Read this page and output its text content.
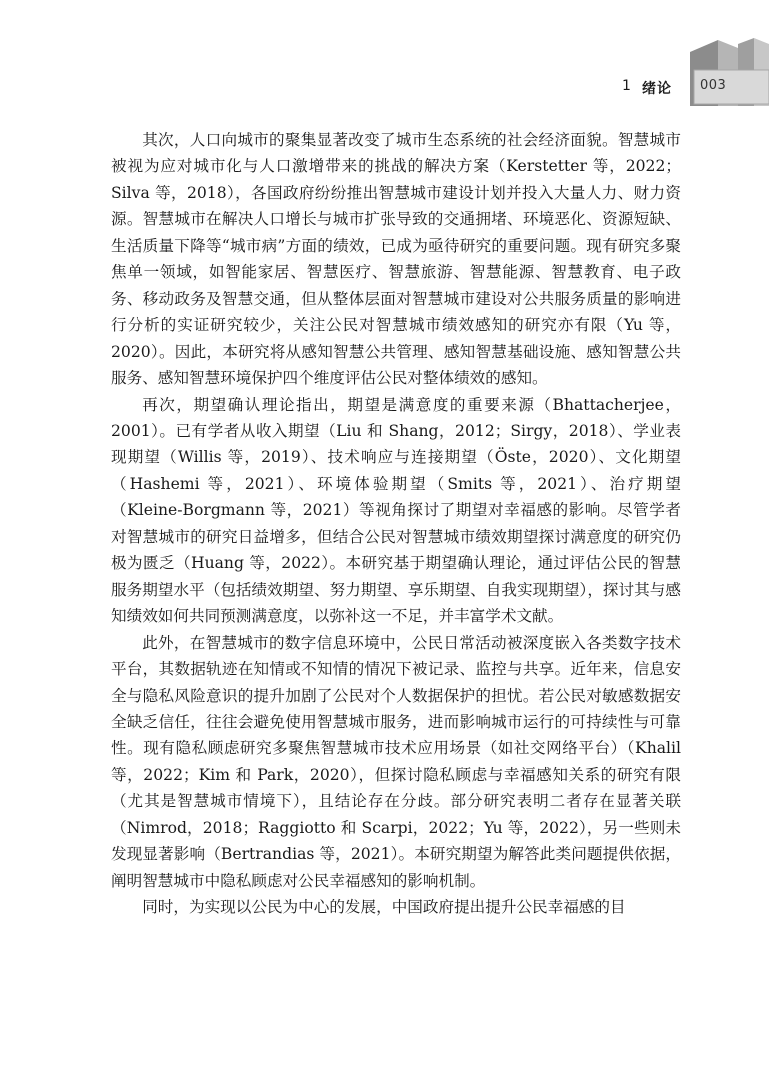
1 绪论 003

其次，人口向城市的聚集显著改变了城市生态系统的社会经济面貌。智慧城市被视为应对城市化与人口激增带来的挑战的解决方案（Kerstetter 等，2022；Silva 等，2018），各国政府纷纷推出智慧城市建设计划并投入大量人力、财力资源。智慧城市在解决人口增长与城市扩张导致的交通拥堵、环境恶化、资源短缺、生活质量下降等“城市病”方面的绩效，已成为亟待研究的重要问题。现有研究多聚焦单一领域，如智能家居、智慧医疗、智慧旅游、智慧能源、智慧教育、电子政务、移动政务及智慧交通，但从整体层面对智慧城市建设对公共服务质量的影响进行分析的实证研究较少，关注公民对智慧城市绩效感知的研究亦有限（Yu 等，2020）。因此，本研究将从感知智慧公共管理、感知智慧基础设施、感知智慧公共服务、感知智慧环境保护四个维度评估公民对整体绩效的感知。

再次，期望确认理论指出，期望是满意度的重要来源（Bhattacherjee，2001）。已有学者从收入期望（Liu 和 Shang，2012；Sirgy，2018）、学业表现期望（Willis 等，2019）、技术响应与连接期望（Öste，2020）、文化期望（Hashemi 等，2021）、环境体验期望（Smits 等，2021）、治疗期望（Kleine-Borgmann 等，2021）等视角探讨了期望对幸福感的影响。尽管学者对智慧城市的研究日益增多，但结合公民对智慧城市绩效期望探讨满意度的研究仍极为匮乏（Huang 等，2022）。本研究基于期望确认理论，通过评估公民的智慧服务期望水平（包括绩效期望、努力期望、享乐期望、自我实现期望），探讨其与感知绩效如何共同预测满意度，以弥补这一不足，并丰富学术文献。

此外，在智慧城市的数字信息环境中，公民日常活动被深度嵌入各类数字技术平台，其数据轨迹在知情或不知情的情况下被记录、监控与共享。近年来，信息安全与隐私风险意识的提升加剧了公民对个人数据保护的担忧。若公民对敏感数据安全缺乏信任，往往会避免使用智慧城市服务，进而影响城市运行的可持续性与可靠性。现有隐私顾虑研究多聚焦智慧城市技术应用场景（如社交网络平台）（Khalil 等，2022；Kim 和 Park，2020），但探讨隐私顾虑与幸福感知关系的研究有限（尤其是智慧城市情境下），且结论存在分歧。部分研究表明二者存在显著关联（Nimrod，2018；Raggiotto 和 Scarpi，2022；Yu 等，2022），另一些则未发现显著影响（Bertrandias 等，2021）。本研究期望为解答此类问题提供依据，阐明智慧城市中隐私顾虑对公民幸福感知的影响机制。

同时，为实现以公民为中心的发展，中国政府提出提升公民幸福感的目
